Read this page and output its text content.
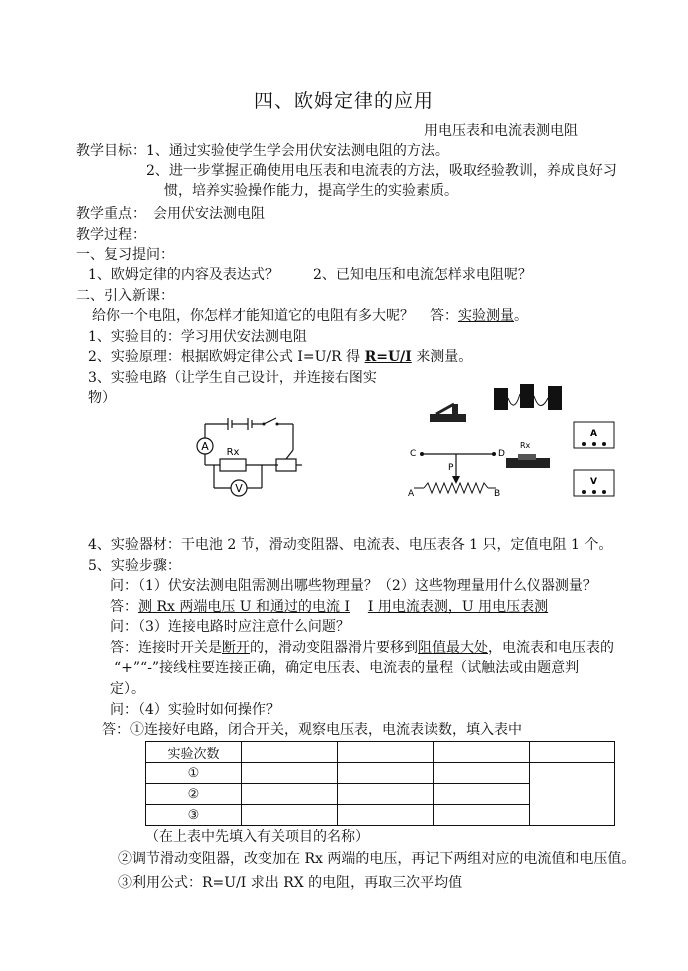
四、欧姆定律的应用
用电压表和电流表测电阻
教学目标： 1、通过实验使学生学会用伏安法测电阻的方法。
2、进一步掌握正确使用电压表和电流表的方法，吸取经验教训，养成良好习
惯，培养实验操作能力，提高学生的实验素质。
教学重点： 会用伏安法测电阻
教学过程：
一、复习提问：
1、欧姆定律的内容及表达式？ 2、已知电压和电流怎样求电阻呢？
二、引入新课：
给你一个电阻，你怎样才能知道它的电阻有多大呢？ 答：实验测量。
1、实验目的：学习用伏安法测电阻
2、实验原理：根据欧姆定律公式 I=U/R 得 R=U/I 来测量。
3、实验电路（让学生自己设计，并连接右图实
物）
A
V
Rx	C	D
P
A	B
Rx
A
V
4、实验器材：干电池 2 节，滑动变阻器、电流表、电压表各 1 只，定值电阻 1 个。
5、实验步骤：
问：（1）伏安法测电阻需测出哪些物理量？（2）这些物理量用什么仪器测量？
答：测 Rx 两端电压 U 和通过的电流 I I 用电流表测，U 用电压表测
问：（3）连接电路时应注意什么问题？
答：连接时开关是断开的，滑动变阻器滑片要移到阻值最大处，电流表和电压表的
“+”“-”接线柱要连接正确，确定电压表、电流表的量程（试触法或由题意判
定）。
问：（4）实验时如何操作？
答：①连接好电路，闭合开关，观察电压表，电流表读数，填入表中
实验次数				
①				
②				
③				
（在上表中先填入有关项目的名称）
②调节滑动变阻器，改变加在 Rx 两端的电压，再记下两组对应的电流值和电压值。
③利用公式：R=U/I 求出 RX 的电阻，再取三次平均值
